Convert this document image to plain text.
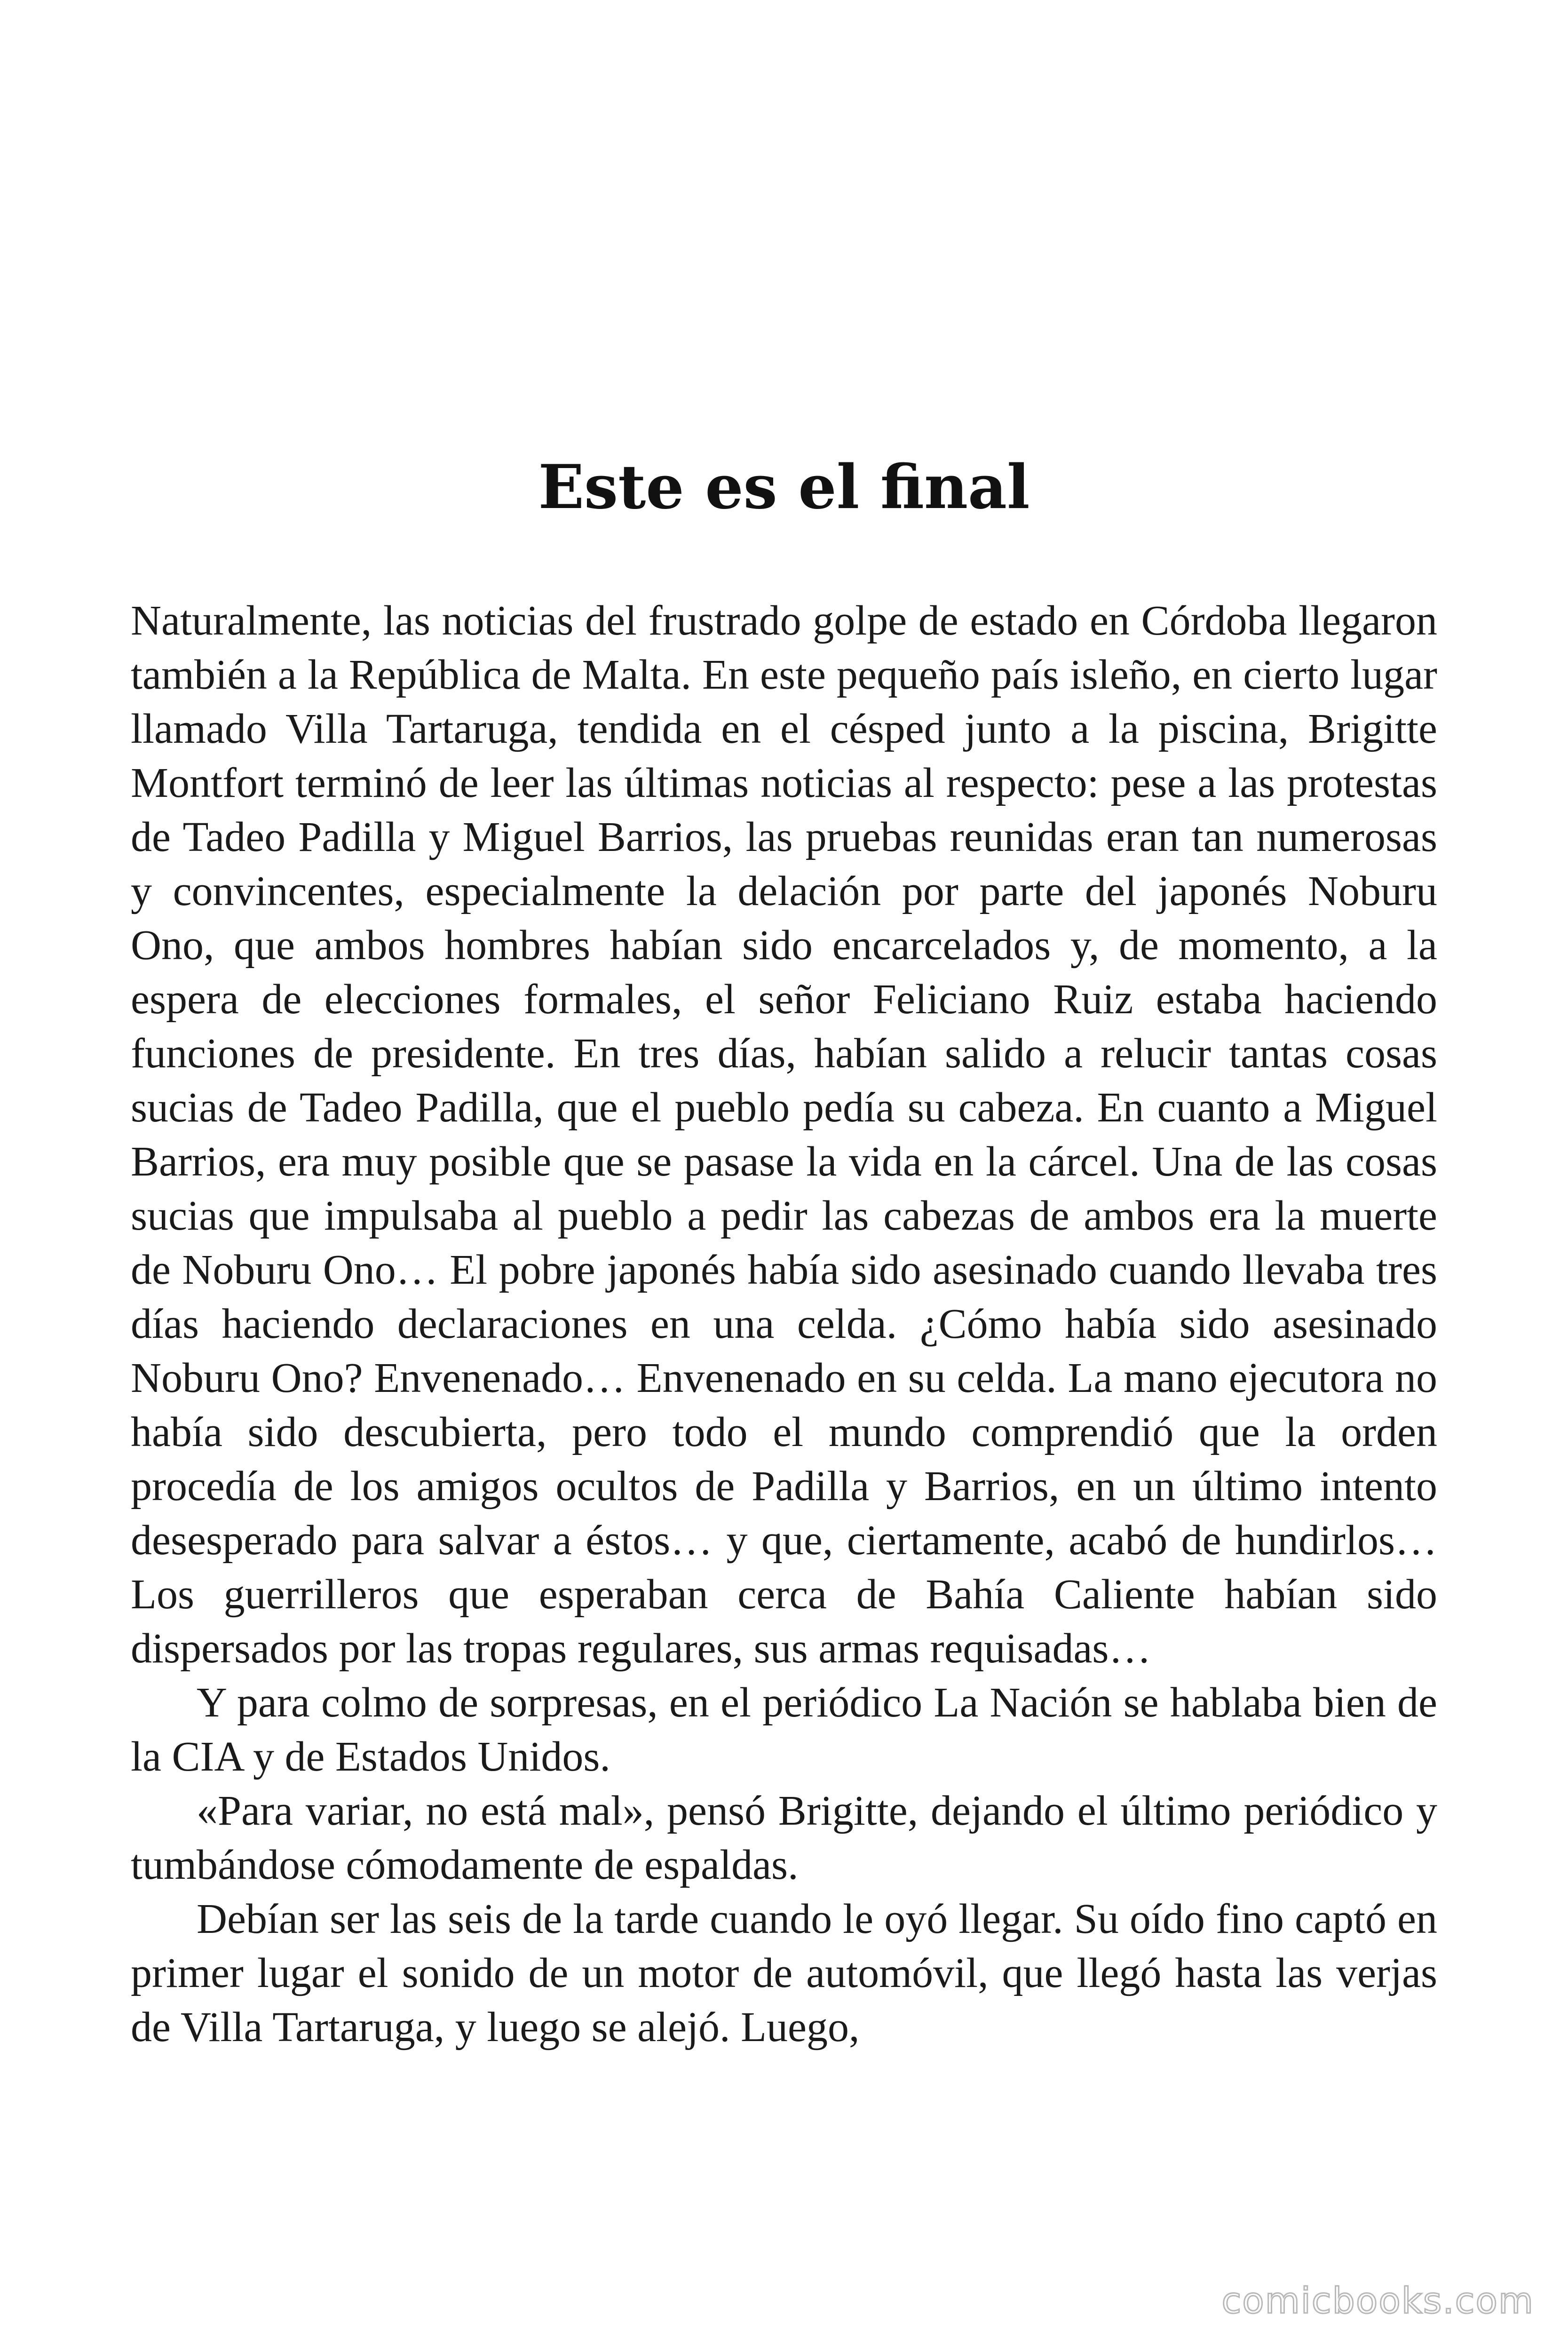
Este es el final

Naturalmente, las noticias del frustrado golpe de estado en Córdoba llegaron también a la República de Malta. En este pequeño país isleño, en cierto lugar llamado Villa Tartaruga, tendida en el césped junto a la piscina, Brigitte Montfort terminó de leer las últimas noticias al respecto: pese a las protestas de Tadeo Padilla y Miguel Barrios, las pruebas reunidas eran tan numerosas y convincentes, especialmente la delación por parte del japonés Noburu Ono, que ambos hombres habían sido encarcelados y, de momento, a la espera de elecciones formales, el señor Feliciano Ruiz estaba haciendo funciones de presidente. En tres días, habían salido a relucir tantas cosas sucias de Tadeo Padilla, que el pueblo pedía su cabeza. En cuanto a Miguel Barrios, era muy posible que se pasase la vida en la cárcel. Una de las cosas sucias que impulsaba al pueblo a pedir las cabezas de ambos era la muerte de Noburu Ono… El pobre japonés había sido asesinado cuando llevaba tres días haciendo declaraciones en una celda. ¿Cómo había sido asesinado Noburu Ono? Envenenado… Envenenado en su celda. La mano ejecutora no había sido descubierta, pero todo el mundo comprendió que la orden procedía de los amigos ocultos de Padilla y Barrios, en un último intento desesperado para salvar a éstos… y que, ciertamente, acabó de hundirlos… Los guerrilleros que esperaban cerca de Bahía Caliente habían sido dispersados por las tropas regulares, sus armas requisadas…

Y para colmo de sorpresas, en el periódico La Nación se hablaba bien de la CIA y de Estados Unidos.

«Para variar, no está mal», pensó Brigitte, dejando el último periódico y tumbándose cómodamente de espaldas.

Debían ser las seis de la tarde cuando le oyó llegar. Su oído fino captó en primer lugar el sonido de un motor de automóvil, que llegó hasta las verjas de Villa Tartaruga, y luego se alejó. Luego,

comicbooks.com
